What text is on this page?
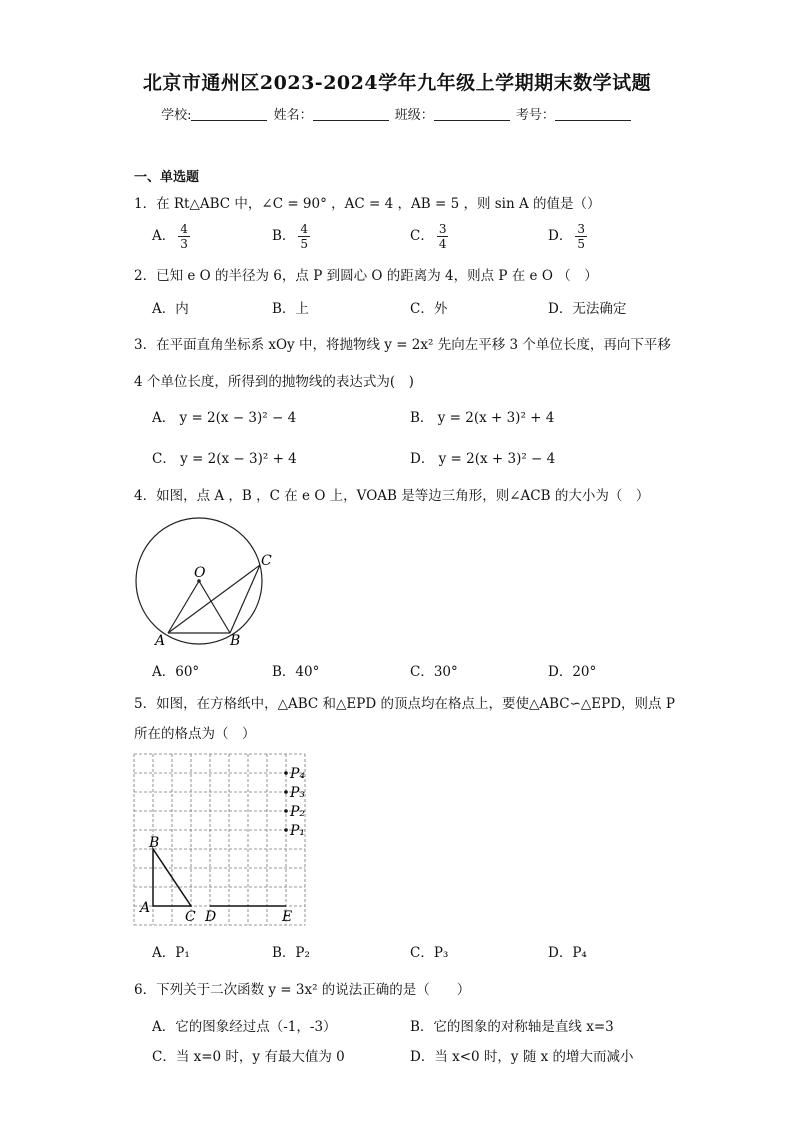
北京市通州区2023-2024学年九年级上学期期末数学试题
学校:	姓名：	班级：	考号：
一、单选题
1．在 Rt△ABC 中，∠C = 90° ，AC = 4 ，AB = 5 ，则 sin A 的值是（）
A． $\frac{4}{3}$	B． $\frac{4}{5}$	C． $\frac{3}{4}$	D． $\frac{3}{5}$
2．已知 e O 的半径为 6，点 P 到圆心 O 的距离为 4，则点 P 在 e O （　）
A．内	B．上	C．外	D．无法确定
3．在平面直角坐标系 xOy 中，将抛物线 y = 2x² 先向左平移 3 个单位长度，再向下平移
4 个单位长度，所得到的抛物线的表达式为(　)
A． y = 2(x − 3)² − 4	B． y = 2(x + 3)² + 4
C． y = 2(x − 3)² + 4	D． y = 2(x + 3)² − 4
4．如图，点 A ，B ，C 在 e O 上，VOAB 是等边三角形，则∠ACB 的大小为（　）
O
A	B
C
A．60°	B．40°	C．30°	D．20°
5．如图，在方格纸中，△ABC 和△EPD 的顶点均在格点上，要使△ABC∽△EPD，则点 P
所在的格点为（　）
B
A
C D	E
P₄
P₃
P₂
P₁
A．P₁	B．P₂	C．P₃	D．P₄
6．下列关于二次函数 y = 3x² 的说法正确的是（　　）
A．它的图象经过点（-1，-3）	B．它的图象的对称轴是直线 x=3
C．当 x=0 时，y 有最大值为 0	D．当 x<0 时，y 随 x 的增大而减小
